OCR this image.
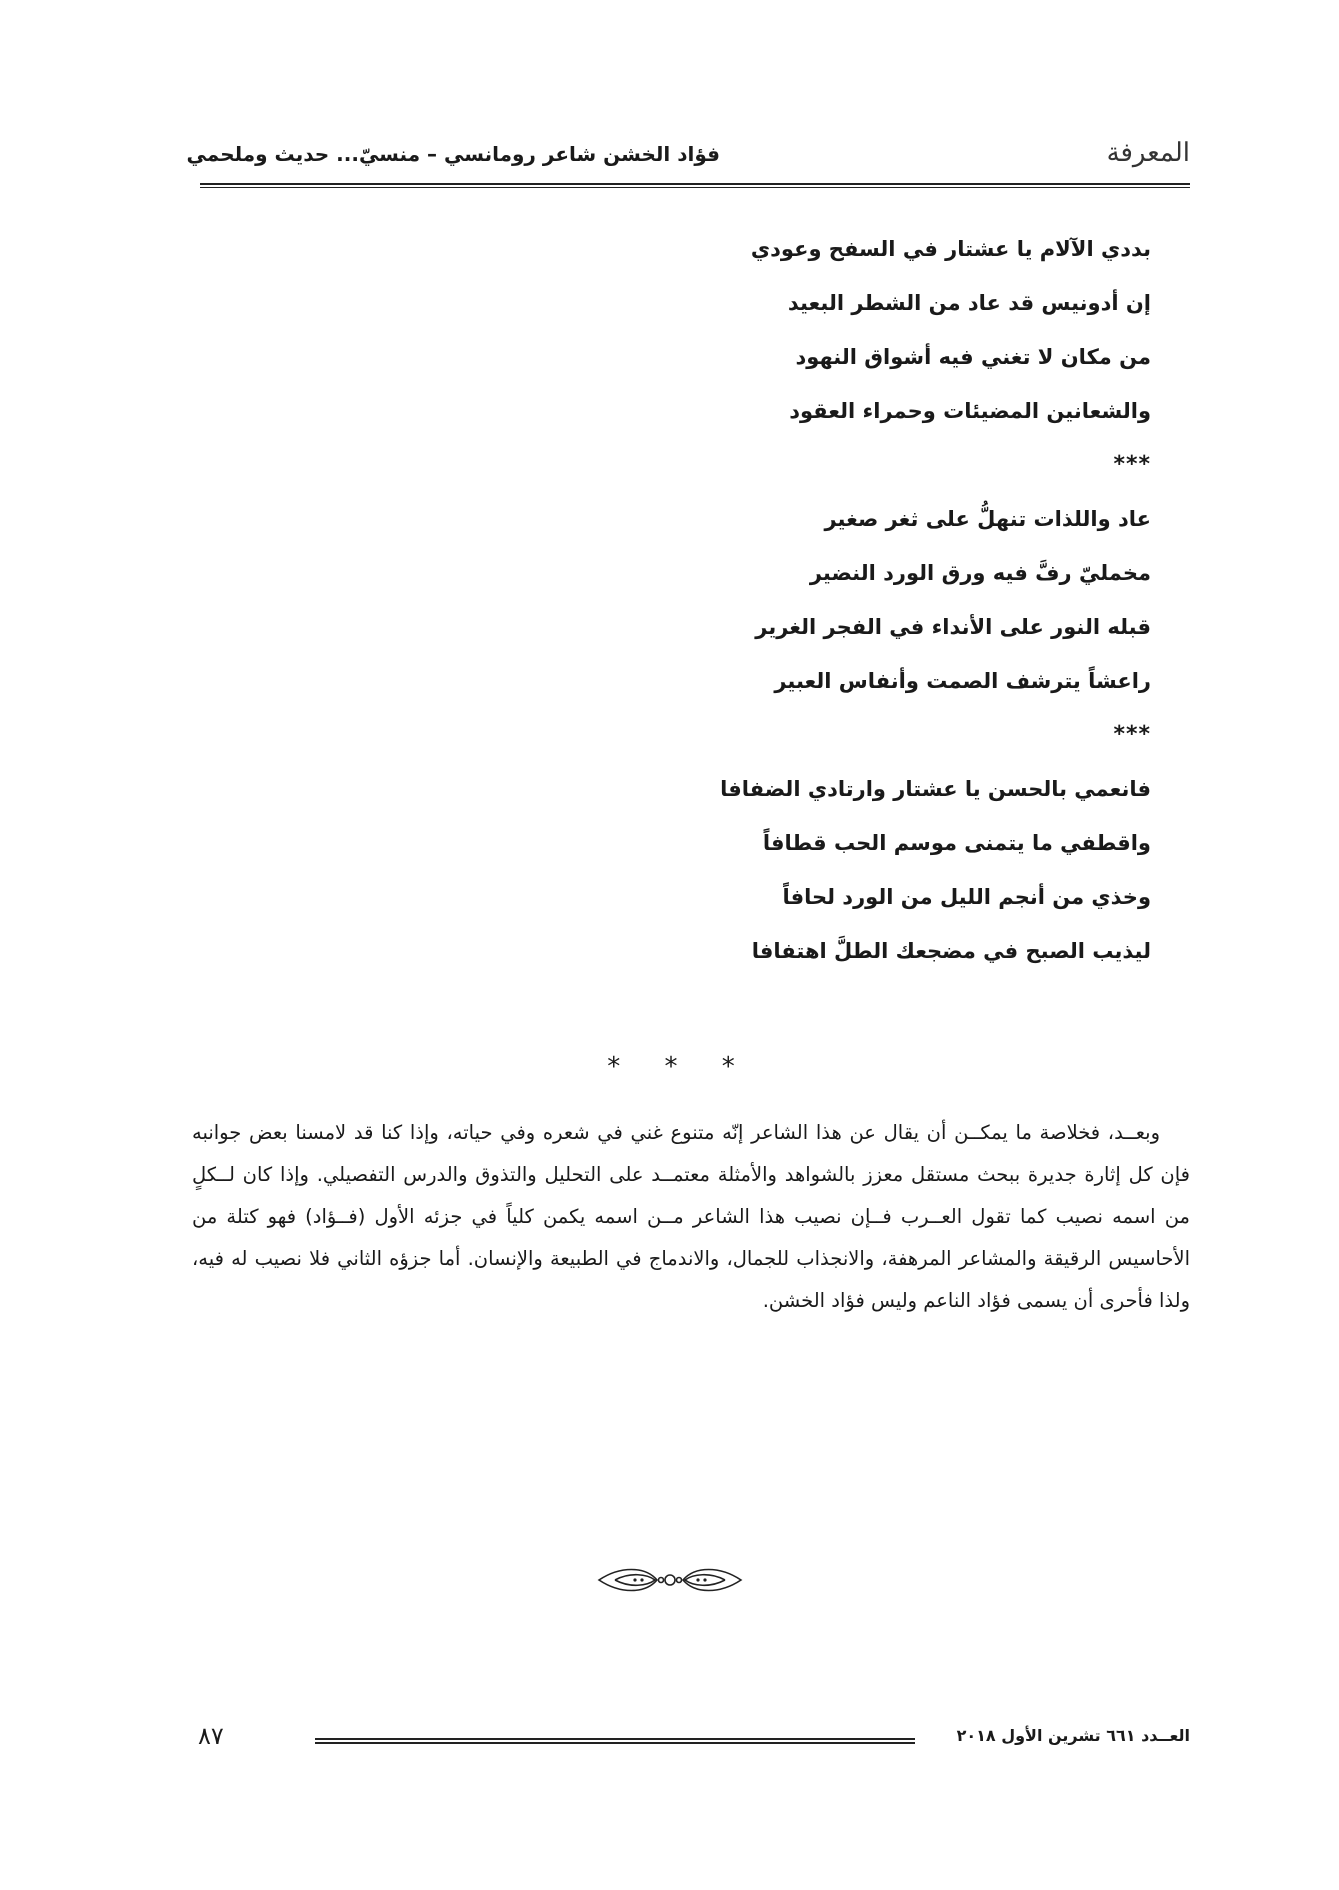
المعرفة
فؤاد الخشن شاعر رومانسي – منسيّ... حديث وملحمي
بددي الآلام يا عشتار في السفح وعودي
إن أدونيس قد عاد من الشطر البعيد
من مكان لا تغني فيه أشواق النهود
والشعانين المضيئات وحمراء العقود
***
عاد واللذات تنهلُّ على ثغر صغير
مخمليّ رفَّ فيه ورق الورد النضير
قبله النور على الأنداء في الفجر الغرير
راعشاً يترشف الصمت وأنفاس العبير
***
فانعمي بالحسن يا عشتار وارتادي الضفافا
واقطفي ما يتمنى موسم الحب قطافاً
وخذي من أنجم الليل من الورد لحافاً
ليذيب الصبح في مضجعك الطلَّ اهتفافا
* * *

وبعــد، فخلاصة ما يمكــن أن يقال عن هذا الشاعر إنّه متنوع غني في شعره وفي حياته، وإذا كنا قد لامسنا بعض جوانبه فإن كل إثارة جديرة ببحث مستقل معزز بالشواهد والأمثلة معتمــد على التحليل والتذوق والدرس التفصيلي. وإذا كان لــكلٍ من اسمه نصيب كما تقول العــرب فــإن نصيب هذا الشاعر مــن اسمه يكمن كلياً في جزئه الأول (فــؤاد) فهو كتلة من الأحاسيس الرقيقة والمشاعر المرهفة، والانجذاب للجمال، والاندماج في الطبيعة والإنسان. أما جزؤه الثاني فلا نصيب له فيه، ولذا فأحرى أن يسمى فؤاد الناعم وليس فؤاد الخشن.

العــدد ٦٦١ تشرين الأول ٢٠١٨
٨٧
